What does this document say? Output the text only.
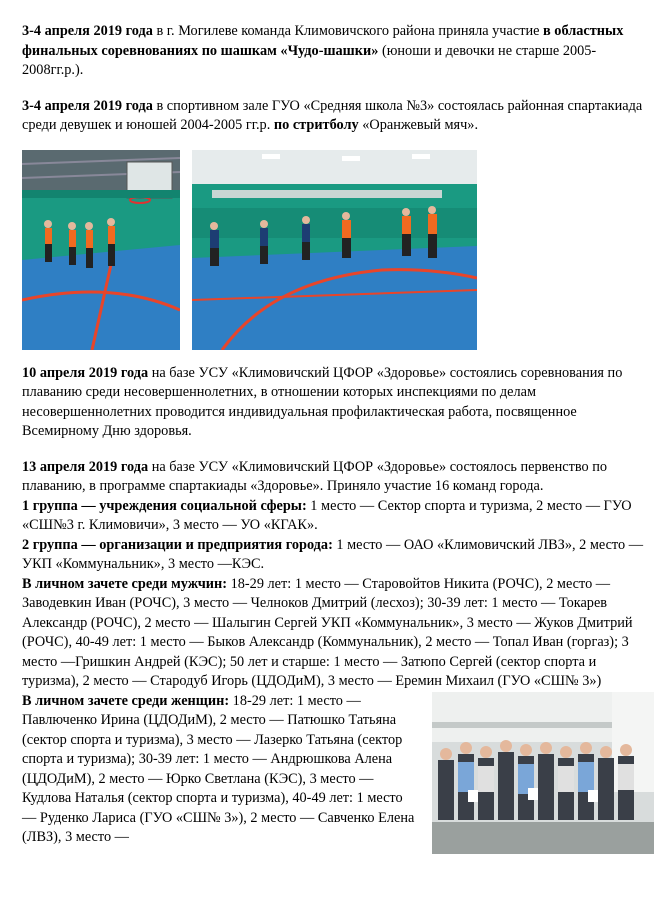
3-4 апреля 2019 года в г. Могилеве команда Климовичского района приняла участие в областных финальных соревнованиях по шашкам «Чудо-шашки» (юноши и девочки не старше 2005-2008гг.р.).

3-4 апреля 2019 года в спортивном зале ГУО «Средняя школа №3» состоялась районная спартакиада среди девушек и юношей 2004-2005 гг.р. по стритболу «Оранжевый мяч».

10 апреля 2019 года на базе УСУ «Климовичский ЦФОР «Здоровье» состоялись соревнования по плаванию среди несовершеннолетних, в отношении которых инспекциями по делам несовершеннолетних проводится индивидуальная профилактическая работа, посвященное Всемирному Дню здоровья.

13 апреля 2019 года на базе УСУ «Климовичский ЦФОР «Здоровье» состоялось первенство по плаванию, в программе спартакиады «Здоровье». Приняло участие 16 команд города.

1 группа — учреждения социальной сферы: 1 место — Сектор спорта и туризма, 2 место — ГУО «СШ№3 г. Климовичи», 3 место — УО «КГАК».

2 группа — организации и предприятия города: 1 место — ОАО «Климовичский ЛВЗ», 2 место — УКП «Коммунальник», 3 место —КЭС.

В личном зачете среди мужчин: 18-29 лет: 1 место — Старовойтов Никита (РОЧС), 2 место — Заводевкин Иван (РОЧС), 3 место — Челноков Дмитрий (лесхоз); 30-39 лет: 1 место — Токарев Александр (РОЧС), 2 место — Шалыгин Сергей УКП «Коммунальник», 3 место — Жуков Дмитрий (РОЧС), 40-49 лет: 1 место — Быков Александр (Коммунальник), 2 место — Топал Иван (горгаз); 3 место —Гришкин Андрей (КЭС); 50 лет и старше: 1 место — Затюпо Сергей (сектор спорта и туризма), 2 место — Стародуб Игорь (ЦДОДиМ), 3 место — Еремин Михаил (ГУО «СШ№ 3»)

В личном зачете среди женщин: 18-29 лет: 1 место — Павлюченко Ирина (ЦДОДиМ), 2 место — Патюшко Татьяна (сектор спорта и туризма), 3 место — Лазерко Татьяна (сектор спорта и туризма); 30-39 лет: 1 место — Андрюшкова Алена (ЦДОДиМ), 2 место — Юрко Светлана (КЭС), 3 место — Кудлова Наталья (сектор спорта и туризма), 40-49 лет: 1 место — Руденко Лариса (ГУО «СШ№ 3»), 2 место — Савченко Елена (ЛВЗ), 3 место —
